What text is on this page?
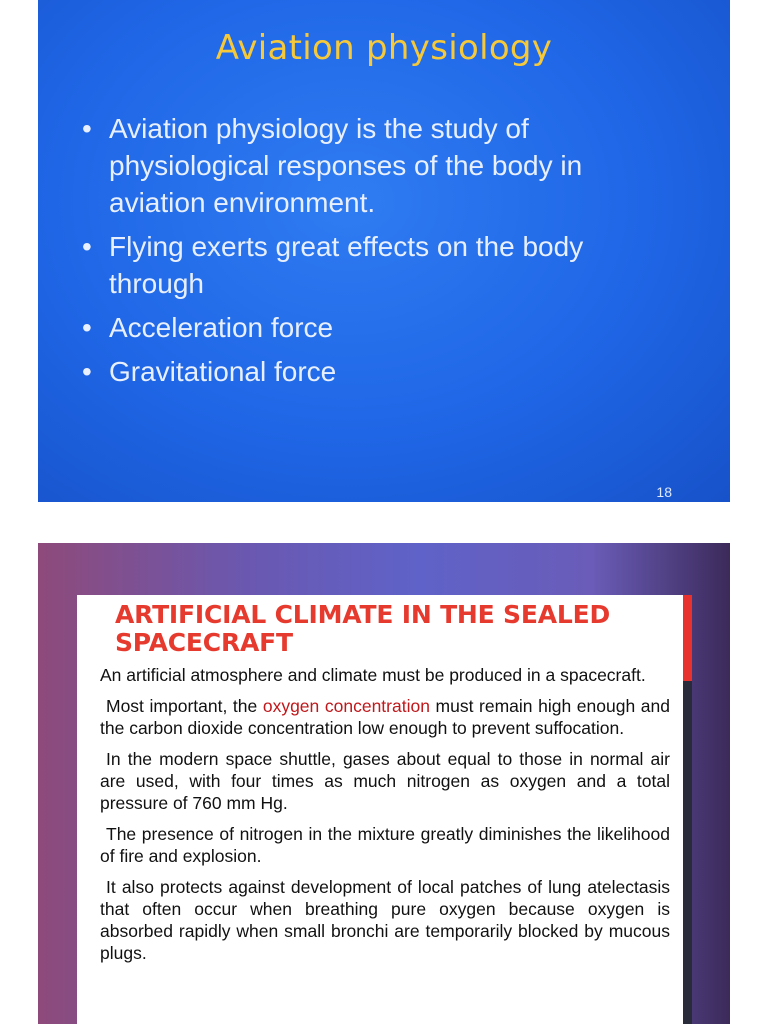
Aviation physiology
• Aviation physiology is the study of physiological responses of the body in aviation environment.
• Flying exerts great effects on the body through
• Acceleration force
• Gravitational force
18
ARTIFICIAL CLIMATE IN THE SEALED
SPACECRAFT

An artificial atmosphere and climate must be produced in a spacecraft.

Most important, the oxygen concentration must remain high enough and the carbon dioxide concentration low enough to prevent suffocation.

In the modern space shuttle, gases about equal to those in normal air are used, with four times as much nitrogen as oxygen and a total pressure of 760 mm Hg.

The presence of nitrogen in the mixture greatly diminishes the likelihood of fire and explosion.

It also protects against development of local patches of lung atelectasis that often occur when breathing pure oxygen because oxygen is absorbed rapidly when small bronchi are temporarily blocked by mucous plugs.
